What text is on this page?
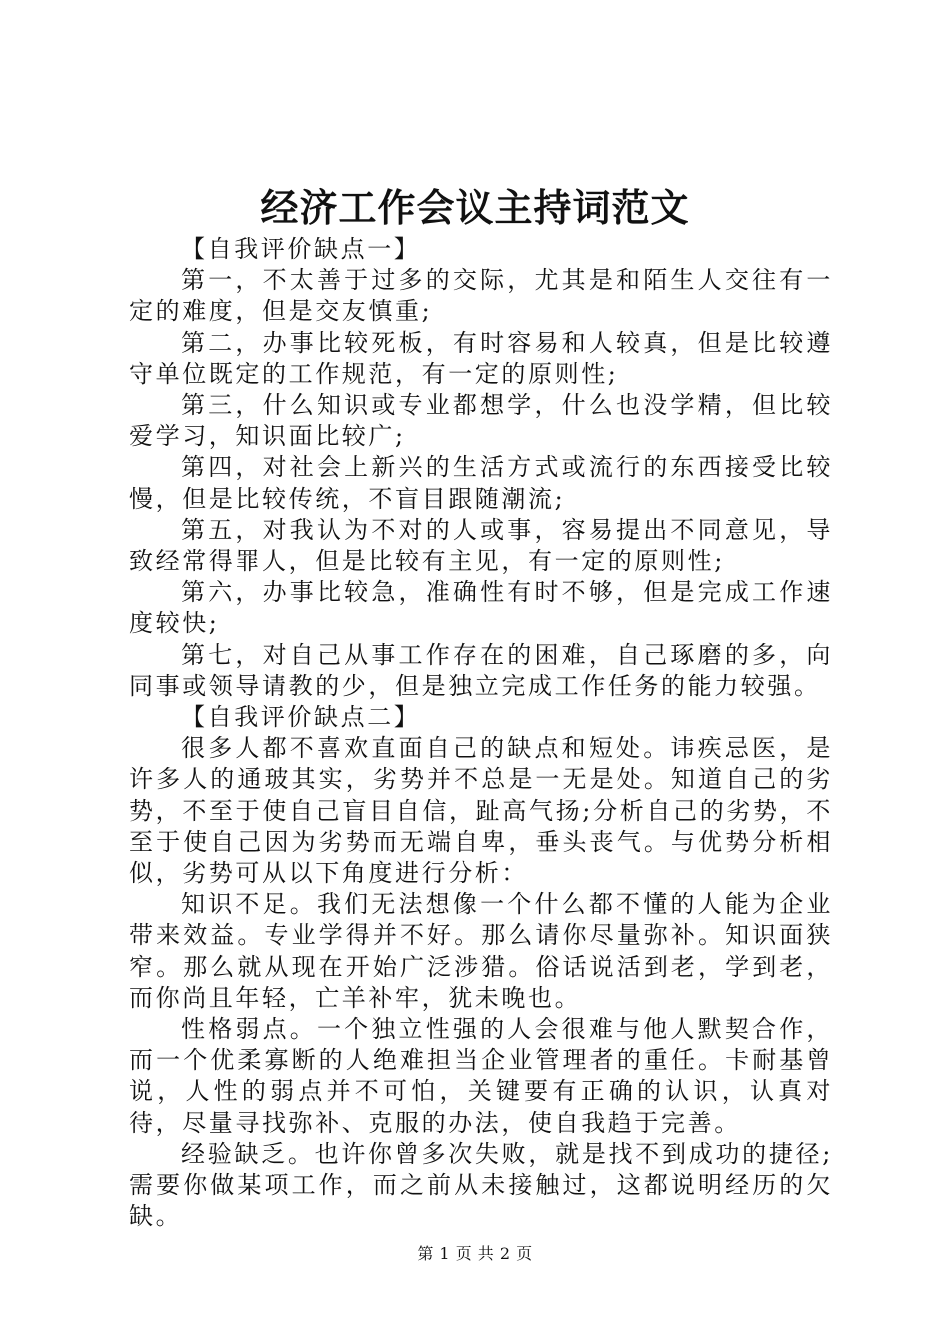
经济工作会议主持词范文

【自我评价缺点一】

第一，不太善于过多的交际，尤其是和陌生人交往有一定的难度，但是交友慎重;

第二，办事比较死板，有时容易和人较真，但是比较遵守单位既定的工作规范，有一定的原则性;

第三，什么知识或专业都想学，什么也没学精，但比较爱学习，知识面比较广;

第四，对社会上新兴的生活方式或流行的东西接受比较慢，但是比较传统，不盲目跟随潮流;

第五，对我认为不对的人或事，容易提出不同意见，导致经常得罪人，但是比较有主见，有一定的原则性;

第六，办事比较急，准确性有时不够，但是完成工作速度较快;

第七，对自己从事工作存在的困难，自己琢磨的多，向同事或领导请教的少，但是独立完成工作任务的能力较强。

【自我评价缺点二】

很多人都不喜欢直面自己的缺点和短处。讳疾忌医，是许多人的通玻其实，劣势并不总是一无是处。知道自己的劣势，不至于使自己盲目自信，趾高气扬;分析自己的劣势，不至于使自己因为劣势而无端自卑，垂头丧气。与优势分析相似，劣势可从以下角度进行分析：

知识不足。我们无法想像一个什么都不懂的人能为企业带来效益。专业学得并不好。那么请你尽量弥补。知识面狭窄。那么就从现在开始广泛涉猎。俗话说活到老，学到老，而你尚且年轻，亡羊补牢，犹未晚也。

性格弱点。一个独立性强的人会很难与他人默契合作，而一个优柔寡断的人绝难担当企业管理者的重任。卡耐基曾说，人性的弱点并不可怕，关键要有正确的认识，认真对待，尽量寻找弥补、克服的办法，使自我趋于完善。

经验缺乏。也许你曾多次失败，就是找不到成功的捷径;需要你做某项工作，而之前从未接触过，这都说明经历的欠缺。

第 1 页 共 2 页
